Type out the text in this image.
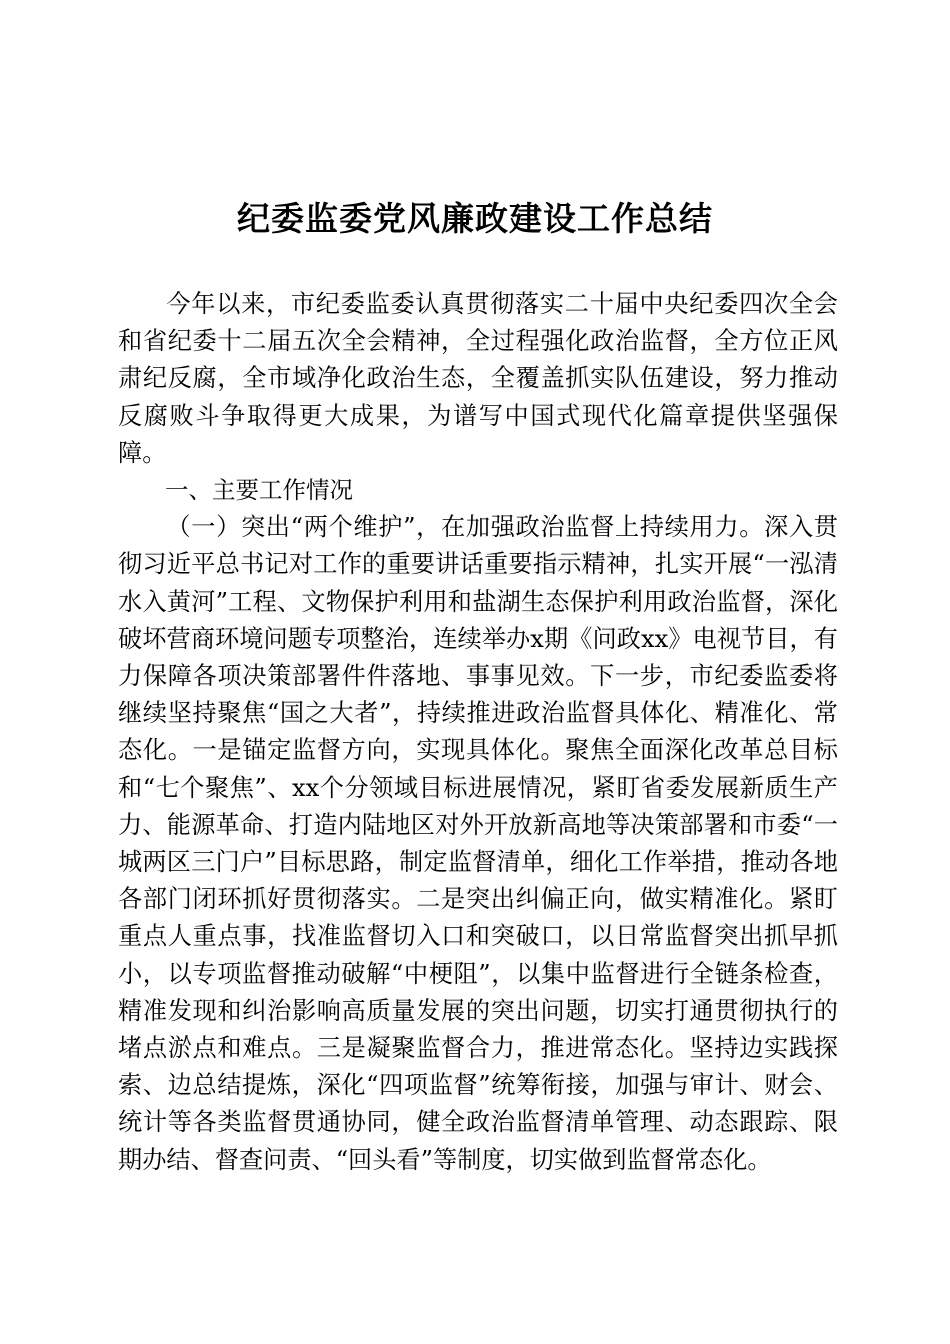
纪委监委党风廉政建设工作总结

今年以来，市纪委监委认真贯彻落实二十届中央纪委四次全会和省纪委十二届五次全会精神，全过程强化政治监督，全方位正风肃纪反腐，全市域净化政治生态，全覆盖抓实队伍建设，努力推动反腐败斗争取得更大成果，为谱写中国式现代化篇章提供坚强保障。

一、主要工作情况

（一）突出“两个维护”，在加强政治监督上持续用力。深入贯彻习近平总书记对工作的重要讲话重要指示精神，扎实开展“一泓清水入黄河”工程、文物保护利用和盐湖生态保护利用政治监督，深化破坏营商环境问题专项整治，连续举办x期《问政xx》电视节目，有力保障各项决策部署件件落地、事事见效。下一步，市纪委监委将继续坚持聚焦“国之大者”，持续推进政治监督具体化、精准化、常态化。一是锚定监督方向，实现具体化。聚焦全面深化改革总目标和“七个聚焦”、xx个分领域目标进展情况，紧盯省委发展新质生产力、能源革命、打造内陆地区对外开放新高地等决策部署和市委“一城两区三门户”目标思路，制定监督清单，细化工作举措，推动各地各部门闭环抓好贯彻落实。二是突出纠偏正向，做实精准化。紧盯重点人重点事，找准监督切入口和突破口，以日常监督突出抓早抓小，以专项监督推动破解“中梗阻”，以集中监督进行全链条检查，精准发现和纠治影响高质量发展的突出问题，切实打通贯彻执行的堵点淤点和难点。三是凝聚监督合力，推进常态化。坚持边实践探索、边总结提炼，深化“四项监督”统筹衔接，加强与审计、财会、统计等各类监督贯通协同，健全政治监督清单管理、动态跟踪、限期办结、督查问责、“回头看”等制度，切实做到监督常态化。
